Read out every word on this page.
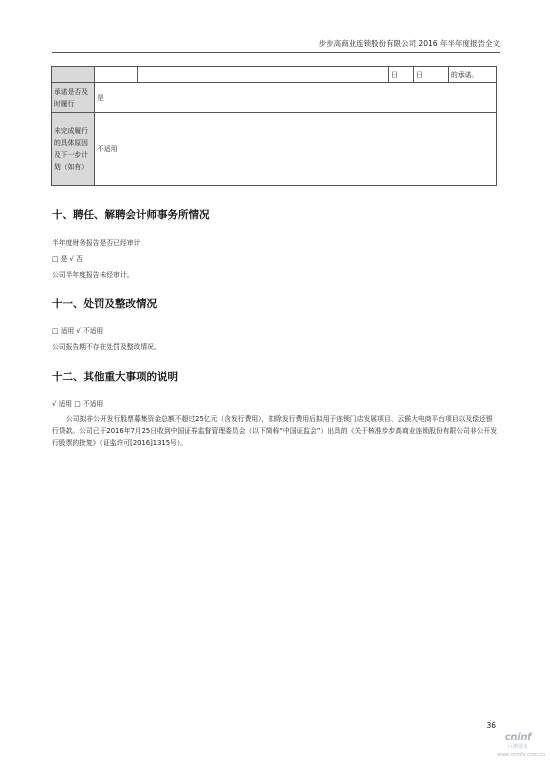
步步高商业连锁股份有限公司 2016 年半年度报告全文
			日	日	的承诺。
承诺是否及时履行	是				
未完成履行的具体原因及下一步计划（如有）	不适用				
十、聘任、解聘会计师事务所情况
半年度财务报告是否已经审计
□ 是 √ 否
公司半年度报告未经审计。
十一、处罚及整改情况
□ 适用 √ 不适用
公司报告期不存在处罚及整改情况。
十二、其他重大事项的说明
√ 适用 □ 不适用
公司拟非公开发行股票募集资金总额不超过25亿元（含发行费用），扣除发行费用后拟用于连锁门店发展项目、云猴大电商平台项目以及偿还银行贷款。公司已于2016年7月25日收到中国证券监督管理委员会（以下简称“中国证监会”）出具的《关于核准步步高商业连锁股份有限公司非公开发行股票的批复》（证监许可[2016]1315号）。
36
cninf
巨潮资讯
www.cninfo.com.cn
